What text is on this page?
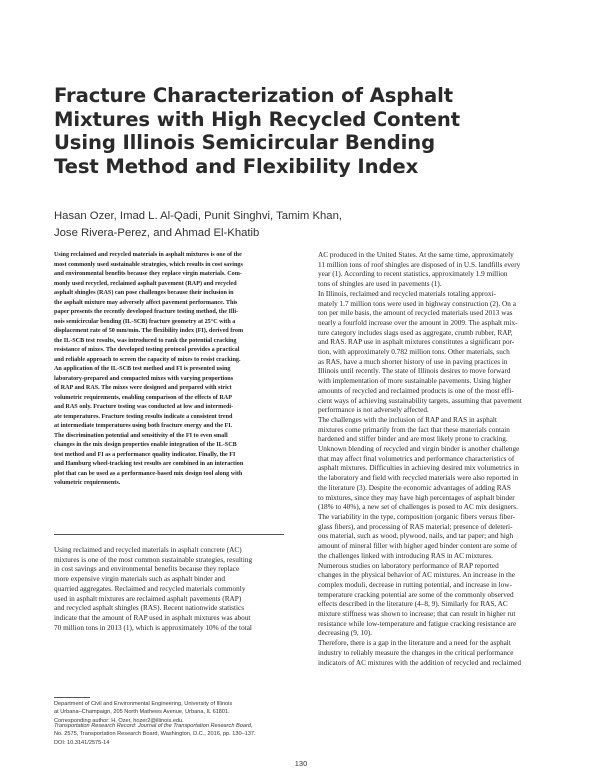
Fracture Characterization of Asphalt
Mixtures with High Recycled Content
Using Illinois Semicircular Bending
Test Method and Flexibility Index
Hasan Ozer, Imad L. Al-Qadi, Punit Singhvi, Tamim Khan,
Jose Rivera-Perez, and Ahmad El-Khatib
Using reclaimed and recycled materials in asphalt mixtures is one of the
most commonly used sustainable strategies, which results in cost savings
and environmental benefits because they replace virgin materials. Com-
monly used recycled, reclaimed asphalt pavement (RAP) and recycled
asphalt shingles (RAS) can pose challenges because their inclusion in
the asphalt mixture may adversely affect pavement performance. This
paper presents the recently developed fracture testing method, the Illi-
nois semicircular bending (IL-SCB) fracture geometry at 25°C with a
displacement rate of 50 mm/min. The flexibility index (FI), derived from
the IL-SCB test results, was introduced to rank the potential cracking
resistance of mixes. The developed testing protocol provides a practical
and reliable approach to screen the capacity of mixes to resist cracking.
An application of the IL-SCB test method and FI is presented using
laboratory-prepared and compacted mixes with varying proportions
of RAP and RAS. The mixes were designed and prepared with strict
volumetric requirements, enabling comparison of the effects of RAP
and RAS only. Fracture testing was conducted at low and intermedi-
ate temperatures. Fracture testing results indicate a consistent trend
at intermediate temperatures using both fracture energy and the FI.
The discrimination potential and sensitivity of the FI to even small
changes in the mix design properties enable integration of the IL-SCB
test method and FI as a performance quality indicator. Finally, the FI
and Hamburg wheel-tracking test results are combined in an interaction
plot that can be used as a performance-based mix design tool along with
volumetric requirements.
Using reclaimed and recycled materials in asphalt concrete (AC)
mixtures is one of the most common sustainable strategies, resulting
in cost savings and environmental benefits because they replace
more expensive virgin materials such as asphalt binder and
quarried aggregates. Reclaimed and recycled materials commonly
used in asphalt mixtures are reclaimed asphalt pavements (RAP)
and recycled asphalt shingles (RAS). Recent nationwide statistics
indicate that the amount of RAP used in asphalt mixtures was about
70 million tons in 2013 (1), which is approximately 10% of the total
Department of Civil and Environmental Engineering, University of Illinois
at Urbana–Champaign, 205 North Mathews Avenue, Urbana, IL 61801.
Corresponding author: H. Ozer, hozer2@illinois.edu.
Transportation Research Record: Journal of the Transportation Research Board,
No. 2575, Transportation Research Board, Washington, D.C., 2016, pp. 130–137.
DOI: 10.3141/2575-14
AC produced in the United States. At the same time, approximately
11 million tons of roof shingles are disposed of in U.S. landfills every
year (1). According to recent statistics, approximately 1.9 million
tons of shingles are used in pavements (1).
In Illinois, reclaimed and recycled materials totaling approxi-
mately 1.7 million tons were used in highway construction (2). On a
ton per mile basis, the amount of recycled materials used 2013 was
nearly a fourfold increase over the amount in 2009. The asphalt mix-
ture category includes slags used as aggregate, crumb rubber, RAP,
and RAS. RAP use in asphalt mixtures constitutes a significant por-
tion, with approximately 0.782 million tons. Other materials, such
as RAS, have a much shorter history of use in paving practices in
Illinois until recently. The state of Illinois desires to move forward
with implementation of more sustainable pavements. Using higher
amounts of recycled and reclaimed products is one of the most effi-
cient ways of achieving sustainability targets, assuming that pavement
performance is not adversely affected.
The challenges with the inclusion of RAP and RAS in asphalt
mixtures come primarily from the fact that these materials contain
hardened and stiffer binder and are most likely prone to cracking.
Unknown blending of recycled and virgin binder is another challenge
that may affect final volumetrics and performance characteristics of
asphalt mixtures. Difficulties in achieving desired mix volumetrics in
the laboratory and field with recycled materials were also reported in
the literature (3). Despite the economic advantages of adding RAS
to mixtures, since they may have high percentages of asphalt binder
(18% to 40%), a new set of challenges is posed to AC mix designers.
The variability in the type, composition (organic fibers versus fiber-
glass fibers), and processing of RAS material; presence of deleteri-
ous material, such as wood, plywood, nails, and tar paper; and high
amount of mineral filler with higher aged binder content are some of
the challenges linked with introducing RAS in AC mixtures.
Numerous studies on laboratory performance of RAP reported
changes in the physical behavior of AC mixtures. An increase in the
complex moduli, decrease in rutting potential, and increase in low-
temperature cracking potential are some of the commonly observed
effects described in the literature (4–8, 9). Similarly for RAS, AC
mixture stiffness was shown to increase; that can result in higher rut
resistance while low-temperature and fatigue cracking resistance are
decreasing (9, 10).
Therefore, there is a gap in the literature and a need for the asphalt
industry to reliably measure the changes in the critical performance
indicators of AC mixtures with the addition of recycled and reclaimed
130
